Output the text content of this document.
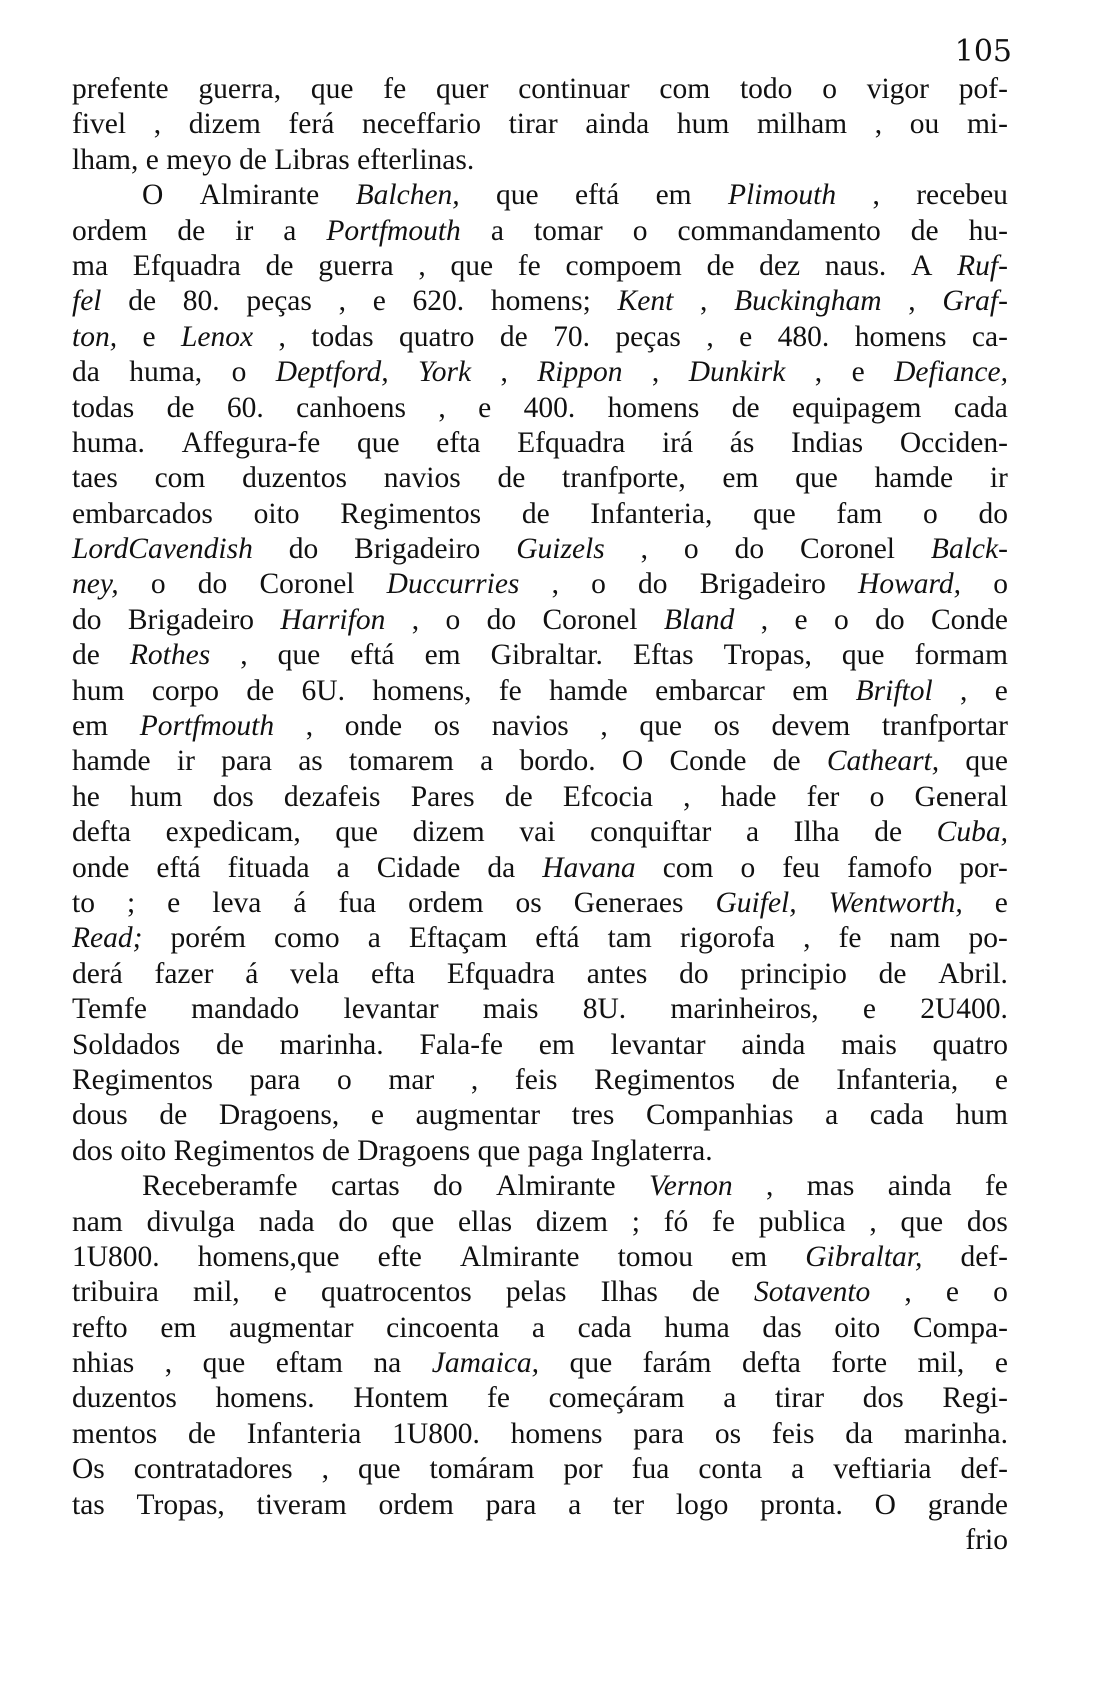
105
prefente guerra, que fe quer continuar com todo o vigor pof-
fivel , dizem ferá neceffario tirar ainda hum milham , ou mi-
lham,
e
meyo
de
Libras
efterlinas.
O Almirante Balchen, que eftá em Plimouth , recebeu
ordem de ir a Portfmouth a tomar o commandamento de hu-
ma Efquadra de guerra , que fe compoem de dez naus. A Ruf-
fel de 80. peças , e 620. homens; Kent , Buckingham , Graf-
ton, e Lenox , todas quatro de 70. peças , e 480. homens ca-
da huma, o Deptford, York , Rippon , Dunkirk , e Defiance,
todas de 60. canhoens , e 400. homens de equipagem cada
huma. Affegura-fe que efta Efquadra irá ás Indias Occiden-
taes com duzentos navios de tranfporte, em que hamde ir
embarcados oito Regimentos de Infanteria, que fam o do
LordCavendish do Brigadeiro Guizels , o do Coronel Balck-
ney, o do Coronel Duccurries , o do Brigadeiro Howard, o
do Brigadeiro Harrifon , o do Coronel Bland , e o do Conde
de Rothes , que eftá em Gibraltar. Eftas Tropas, que formam
hum corpo de 6U. homens, fe hamde embarcar em Briftol , e
em Portfmouth , onde os navios , que os devem tranfportar
hamde ir para as tomarem a bordo. O Conde de Catheart, que
he hum dos dezafeis Pares de Efcocia , hade fer o General
defta expedicam, que dizem vai conquiftar a Ilha de Cuba,
onde eftá fituada a Cidade da Havana com o feu famofo por-
to ; e leva á fua ordem os Generaes Guifel, Wentworth, e
Read; porém como a Eftaçam eftá tam rigorofa , fe nam po-
derá fazer á vela efta Efquadra antes do principio de Abril.
Temfe mandado levantar mais 8U. marinheiros, e 2U400.
Soldados de marinha. Fala-fe em levantar ainda mais quatro
Regimentos para o mar , feis Regimentos de Infanteria, e
dous de Dragoens, e augmentar tres Companhias a cada hum
dos
oito
Regimentos
de
Dragoens
que
paga
Inglaterra.
Receberamfe cartas do Almirante Vernon , mas ainda fe
nam divulga nada do que ellas dizem ; fó fe publica , que dos
1U800. homens,que efte Almirante tomou em Gibraltar, def-
tribuira mil, e quatrocentos pelas Ilhas de Sotavento , e o
refto em augmentar cincoenta a cada huma das oito Compa-
nhias , que eftam na Jamaica, que farám defta forte mil, e
duzentos homens. Hontem fe começáram a tirar dos Regi-
mentos de Infanteria 1U800. homens para os feis da marinha.
Os contratadores , que tomáram por fua conta a veftiaria def-
tas Tropas, tiveram ordem para a ter logo pronta. O grande
frio
